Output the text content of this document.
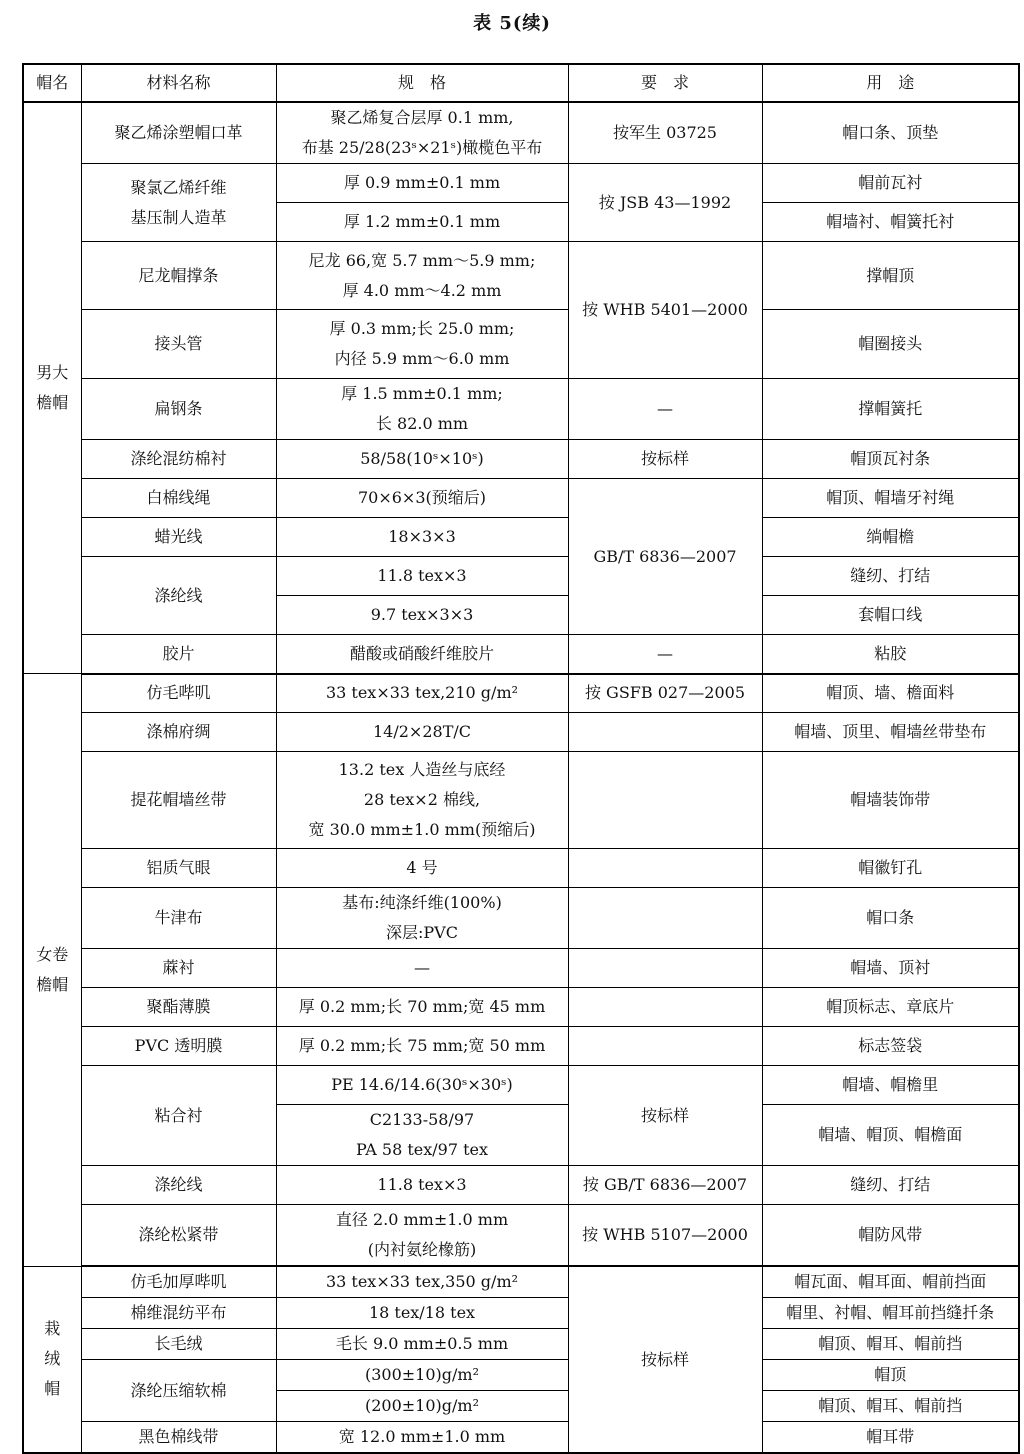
表 5(续)
帽名	材料名称	规　格	要　求	用　途
男大
檐帽	聚乙烯涂塑帽口革	聚乙烯复合层厚 0.1 mm,
布基 25/28(23ˢ×21ˢ)橄榄色平布	按军生 03725	帽口条、顶垫
	聚氯乙烯纤维
基压制人造革	厚 0.9 mm±0.1 mm	按 JSB 43—1992	帽前瓦衬
		厚 1.2 mm±0.1 mm		帽墙衬、帽簧托衬
	尼龙帽撑条	尼龙 66,宽 5.7 mm～5.9 mm;
厚 4.0 mm～4.2 mm	按 WHB 5401—2000	撑帽顶
	接头管	厚 0.3 mm;长 25.0 mm;
内径 5.9 mm～6.0 mm		帽圈接头
	扁钢条	厚 1.5 mm±0.1 mm;
长 82.0 mm	—	撑帽簧托
	涤纶混纺棉衬	58/58(10ˢ×10ˢ)	按标样	帽顶瓦衬条
	白棉线绳	70×6×3(预缩后)	GB/T 6836—2007	帽顶、帽墙牙衬绳
	蜡光线	18×3×3		绱帽檐
	涤纶线	11.8 tex×3		缝纫、打结
		9.7 tex×3×3		套帽口线
	胶片	醋酸或硝酸纤维胶片	—	粘胶
女卷
檐帽	仿毛哔叽	33 tex×33 tex,210 g/m²	按 GSFB 027—2005	帽顶、墙、檐面料
	涤棉府绸	14/2×28T/C		帽墙、顶里、帽墙丝带垫布
	提花帽墙丝带	13.2 tex 人造丝与底经
28 tex×2 棉线,
宽 30.0 mm±1.0 mm(预缩后)		帽墙装饰带
	铝质气眼	4 号		帽徽钉孔
	牛津布	基布:纯涤纤维(100%)
深层:PVC		帽口条
	蔴衬	—		帽墙、顶衬
	聚酯薄膜	厚 0.2 mm;长 70 mm;宽 45 mm		帽顶标志、章底片
	PVC 透明膜	厚 0.2 mm;长 75 mm;宽 50 mm		标志签袋
	粘合衬	PE 14.6/14.6(30ˢ×30ˢ)	按标样	帽墙、帽檐里
		C2133-58/97
PA 58 tex/97 tex		帽墙、帽顶、帽檐面
	涤纶线	11.8 tex×3	按 GB/T 6836—2007	缝纫、打结
	涤纶松紧带	直径 2.0 mm±1.0 mm
(内衬氨纶橡筋)	按 WHB 5107—2000	帽防风带
栽
绒
帽	仿毛加厚哔叽	33 tex×33 tex,350 g/m²	按标样	帽瓦面、帽耳面、帽前挡面
	棉维混纺平布	18 tex/18 tex		帽里、衬帽、帽耳前挡缝扦条
	长毛绒	毛长 9.0 mm±0.5 mm		帽顶、帽耳、帽前挡
	涤纶压缩软棉	(300±10)g/m²		帽顶
		(200±10)g/m²		帽顶、帽耳、帽前挡
	黑色棉线带	宽 12.0 mm±1.0 mm		帽耳带
